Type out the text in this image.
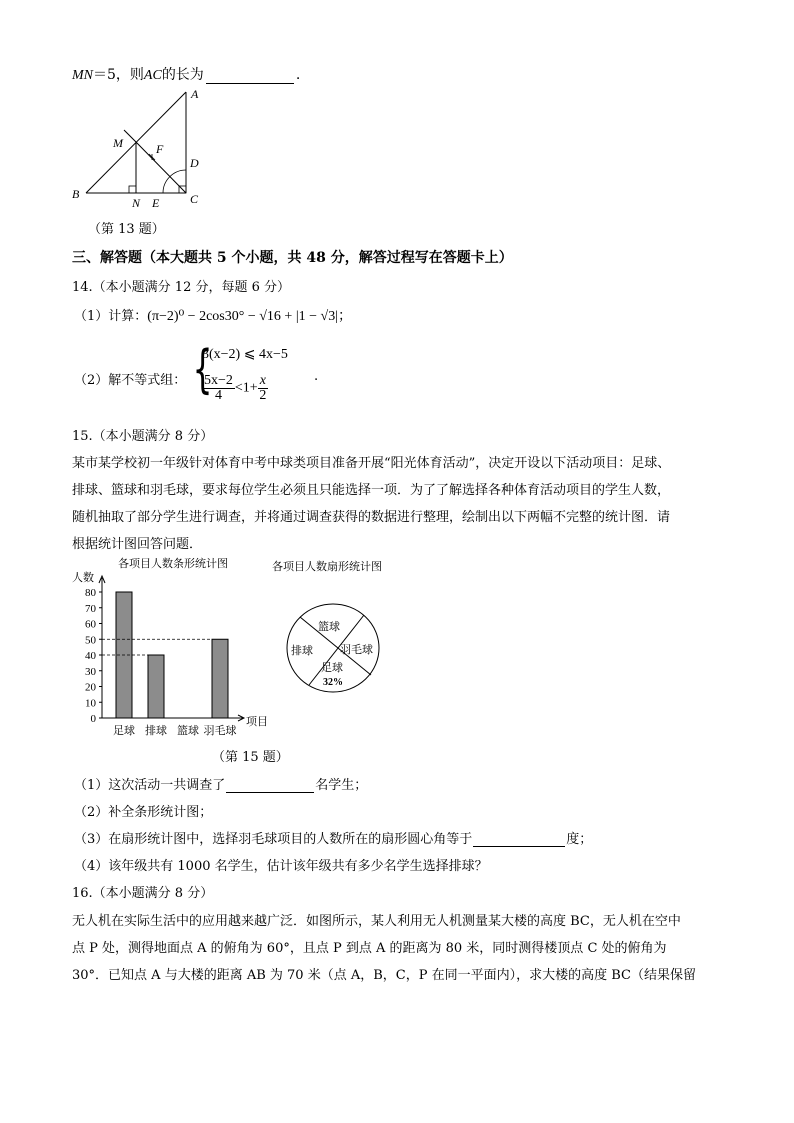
MN＝5，则AC的长为	.
A
B	C
D
E
F
M
N
（第 13 题）
三、解答题（本大题共 5 个小题，共 48 分，解答过程写在答题卡上）
14.（本小题满分 12 分，每题 6 分）
（1）计算：(π−2)⁰ − 2cos30° − √16 + |1 − √3|；
（2）解不等式组： {
3(x−2) ⩽ 4x−5
$\frac{5x-2}{4} <1+ \frac{x}{2}$	.
15.（本小题满分 8 分）
某市某学校初一年级针对体育中考中球类项目准备开展“阳光体育活动”，决定开设以下活动项目：足球、
排球、篮球和羽毛球，要求每位学生必须且只能选择一项．为了了解选择各种体育活动项目的学生人数，
随机抽取了部分学生进行调查，并将通过调查获得的数据进行整理，绘制出以下两幅不完整的统计图．请
根据统计图回答问题．
各项目人数条形统计图
人数
项目
0
10
20
30
40
50
60
70
80
足球 排球 篮球 羽毛球
各项目人数扇形统计图
篮球
羽毛球
足球
32%
排球
（第 15 题）
（1）这次活动一共调查了	名学生；
（2）补全条形统计图；
（3）在扇形统计图中，选择羽毛球项目的人数所在的扇形圆心角等于	度；
（4）该年级共有 1000 名学生，估计该年级共有多少名学生选择排球？
16.（本小题满分 8 分）
无人机在实际生活中的应用越来越广泛．如图所示，某人利用无人机测量某大楼的高度 BC，无人机在空中
点 P 处，测得地面点 A 的俯角为 60°，且点 P 到点 A 的距离为 80 米，同时测得楼顶点 C 处的俯角为
30°．已知点 A 与大楼的距离 AB 为 70 米（点 A，B，C，P 在同一平面内），求大楼的高度 BC（结果保留
